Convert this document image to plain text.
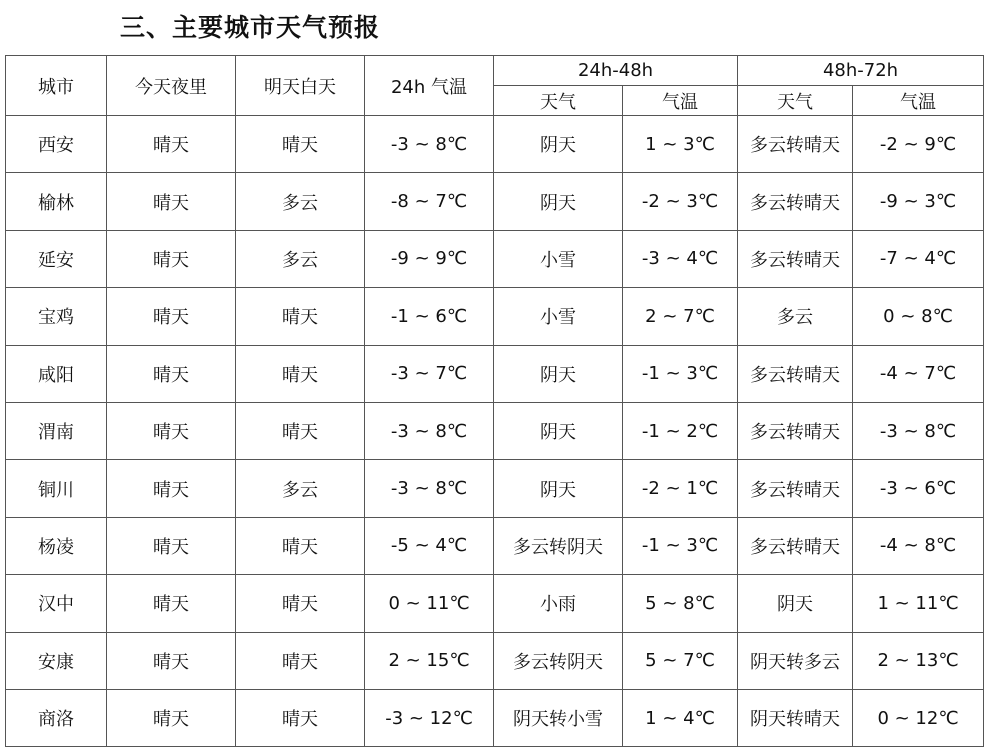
三、主要城市天气预报
城市	今天夜里	明天白天	24h 气温	24h-48h		48h-72h	
				天气	气温	天气	气温
西安	晴天	晴天	-3 ~ 8℃	阴天	1 ~ 3℃	多云转晴天	-2 ~ 9℃
榆林	晴天	多云	-8 ~ 7℃	阴天	-2 ~ 3℃	多云转晴天	-9 ~ 3℃
延安	晴天	多云	-9 ~ 9℃	小雪	-3 ~ 4℃	多云转晴天	-7 ~ 4℃
宝鸡	晴天	晴天	-1 ~ 6℃	小雪	2 ~ 7℃	多云	0 ~ 8℃
咸阳	晴天	晴天	-3 ~ 7℃	阴天	-1 ~ 3℃	多云转晴天	-4 ~ 7℃
渭南	晴天	晴天	-3 ~ 8℃	阴天	-1 ~ 2℃	多云转晴天	-3 ~ 8℃
铜川	晴天	多云	-3 ~ 8℃	阴天	-2 ~ 1℃	多云转晴天	-3 ~ 6℃
杨凌	晴天	晴天	-5 ~ 4℃	多云转阴天	-1 ~ 3℃	多云转晴天	-4 ~ 8℃
汉中	晴天	晴天	0 ~ 11℃	小雨	5 ~ 8℃	阴天	1 ~ 11℃
安康	晴天	晴天	2 ~ 15℃	多云转阴天	5 ~ 7℃	阴天转多云	2 ~ 13℃
商洛	晴天	晴天	-3 ~ 12℃	阴天转小雪	1 ~ 4℃	阴天转晴天	0 ~ 12℃
